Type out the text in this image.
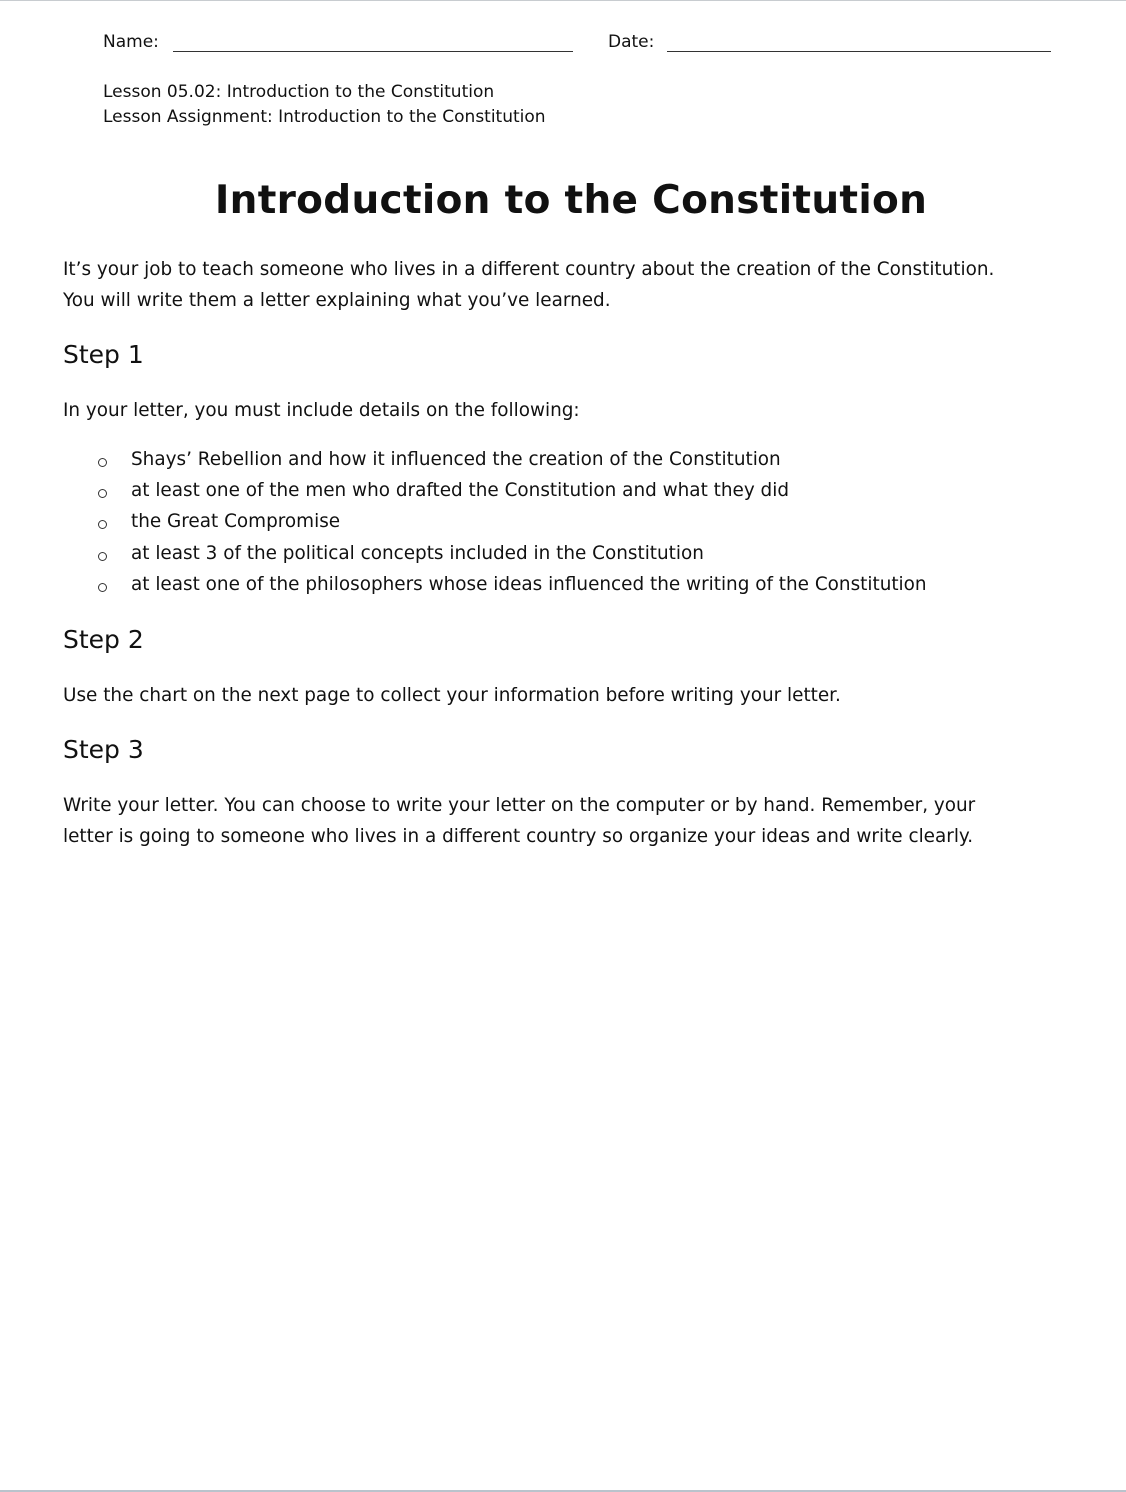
Name:	Date:
Lesson 05.02: Introduction to the Constitution
Lesson Assignment: Introduction to the Constitution
Introduction to the Constitution
It’s your job to teach someone who lives in a different country about the creation of the Constitution.
You will write them a letter explaining what you’ve learned.
Step 1
In your letter, you must include details on the following:
Shays’ Rebellion and how it influenced the creation of the Constitution
at least one of the men who drafted the Constitution and what they did
the Great Compromise
at least 3 of the political concepts included in the Constitution
at least one of the philosophers whose ideas influenced the writing of the Constitution
Step 2
Use the chart on the next page to collect your information before writing your letter.
Step 3
Write your letter. You can choose to write your letter on the computer or by hand. Remember, your
letter is going to someone who lives in a different country so organize your ideas and write clearly.
